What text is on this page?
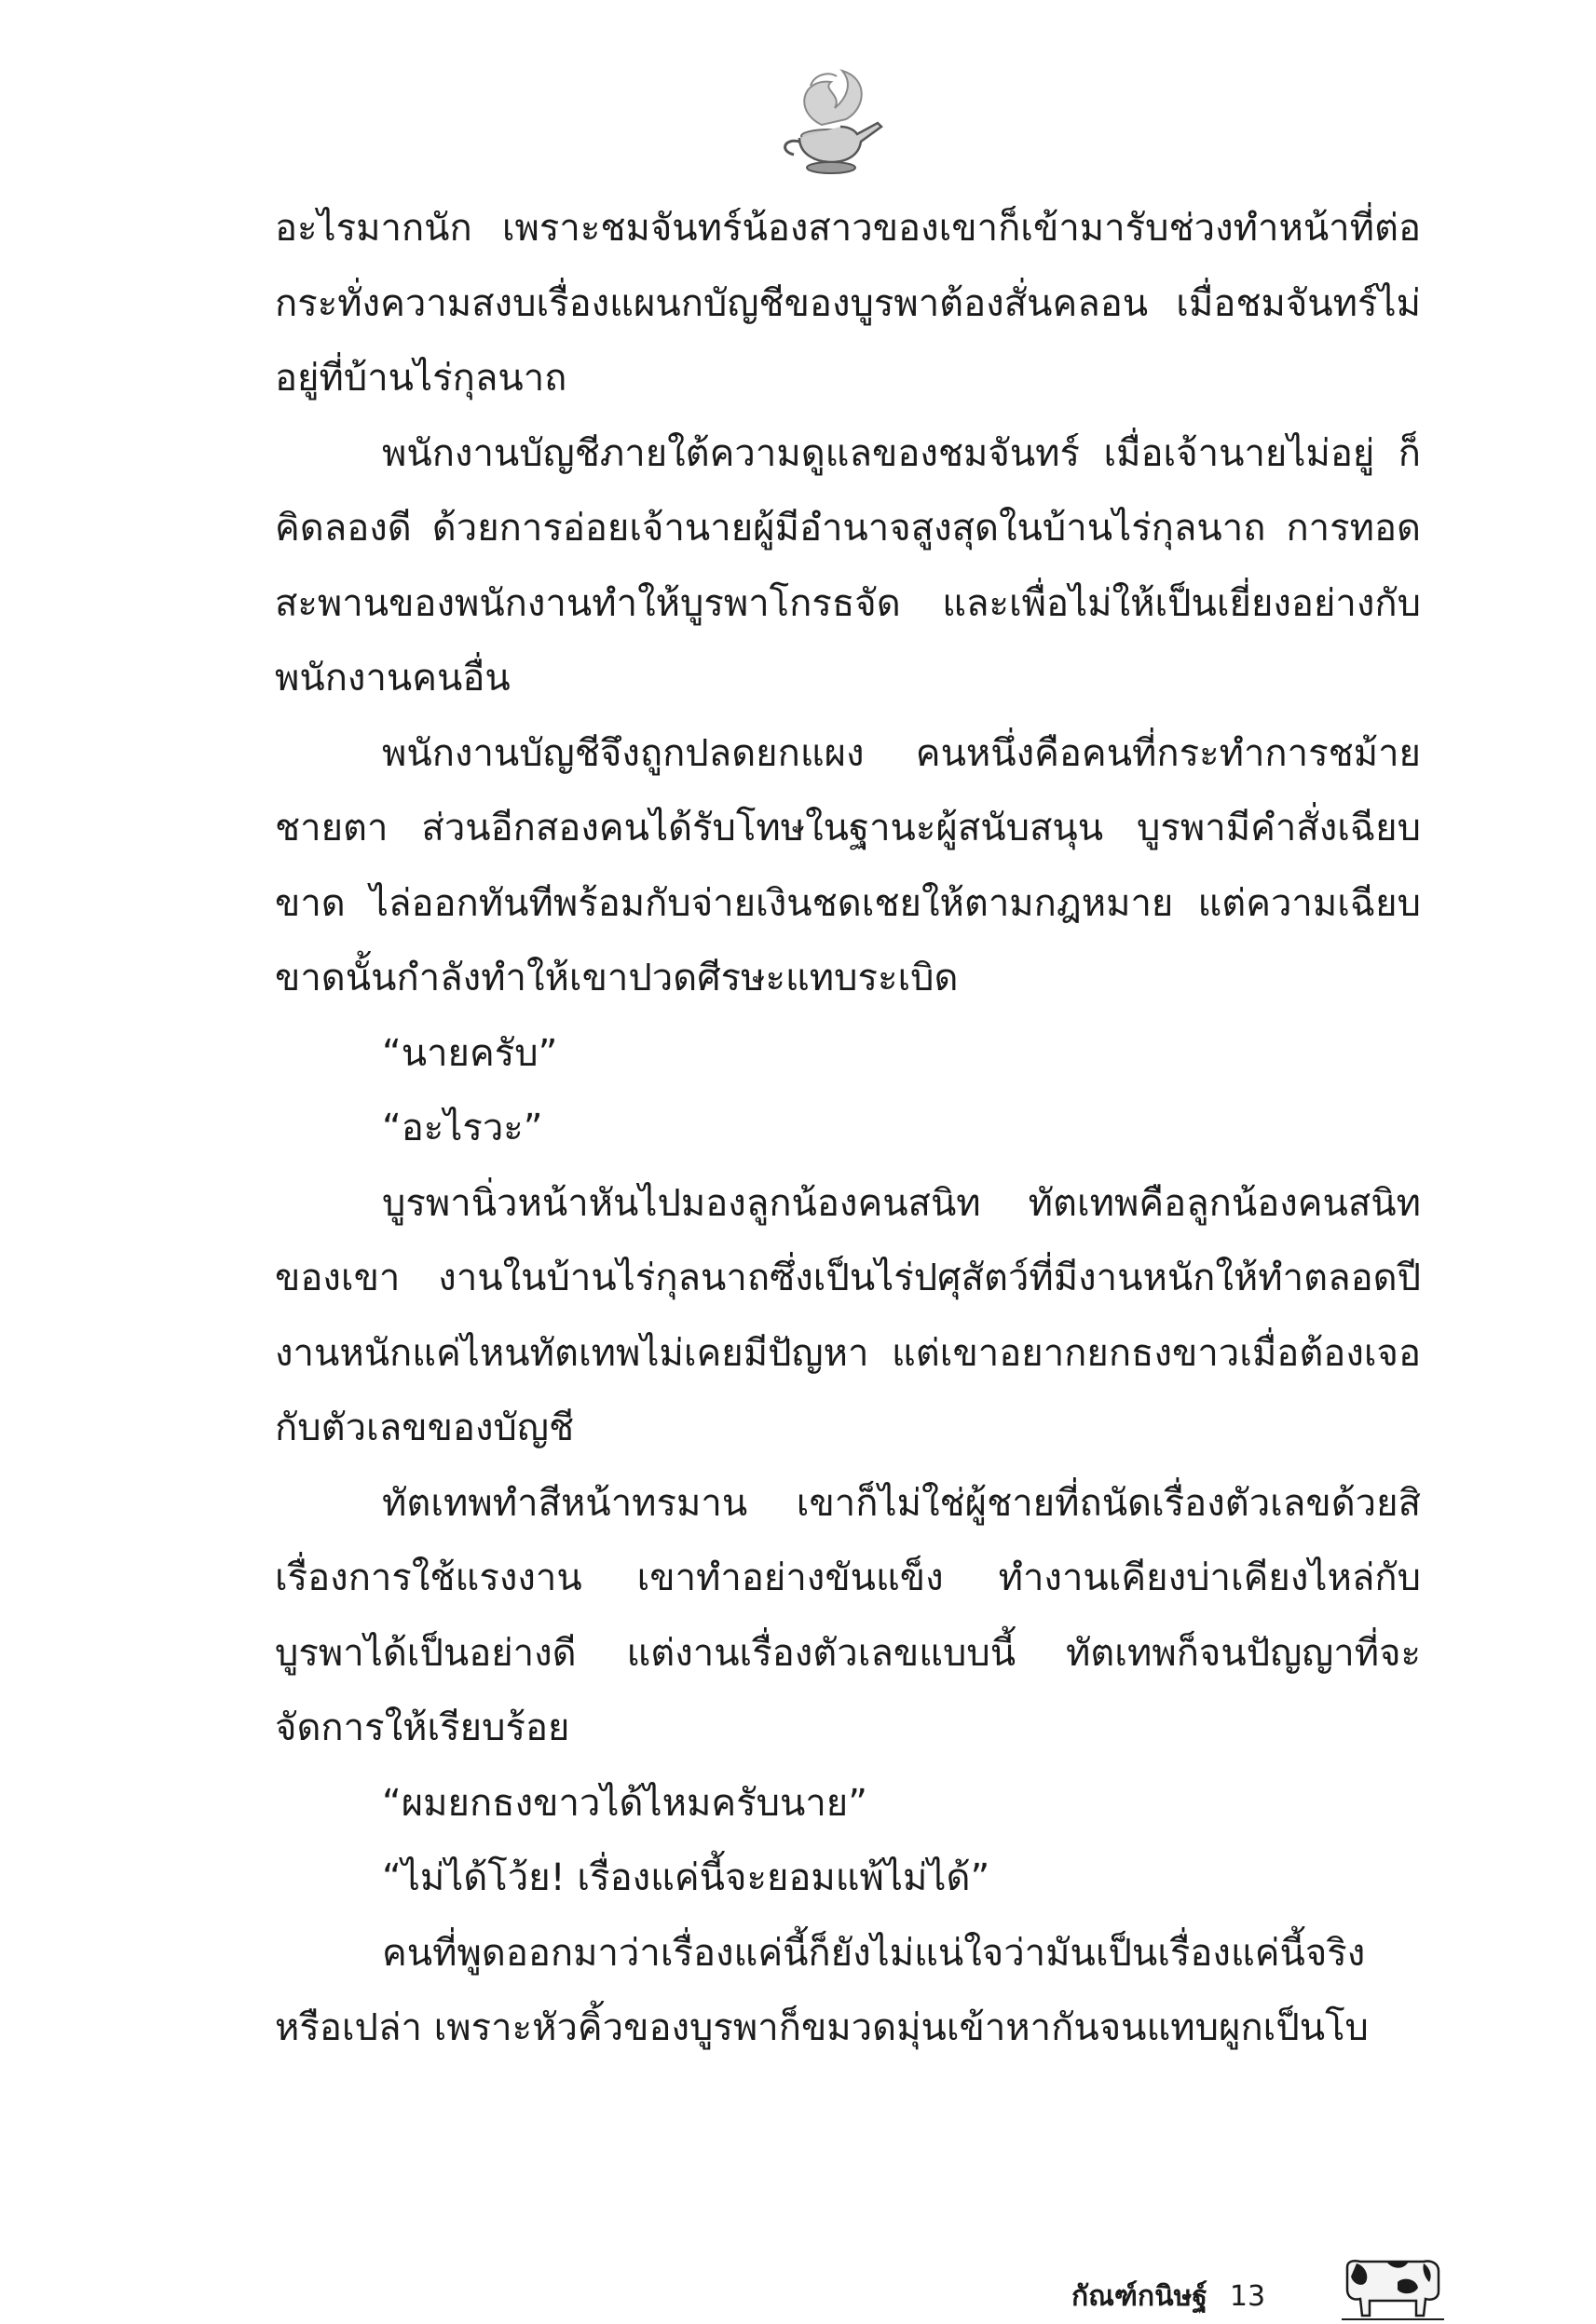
อะไรมากนัก เพราะชมจันทร์น้องสาวของเขาก็เข้ามารับช่วงทำหน้าที่ต่อ กระทั่งความสงบเรื่องแผนกบัญชีของบูรพาต้องสั่นคลอน เมื่อชมจันทร์ไม่อยู่ที่บ้านไร่กุลนาถ

พนักงานบัญชีภายใต้ความดูแลของชมจันทร์ เมื่อเจ้านายไม่อยู่ ก็คิดลองดี ด้วยการอ่อยเจ้านายผู้มีอำนาจสูงสุดในบ้านไร่กุลนาถ การทอดสะพานของพนักงานทำให้บูรพาโกรธจัด และเพื่อไม่ให้เป็นเยี่ยงอย่างกับพนักงานคนอื่น

พนักงานบัญชีจึงถูกปลดยกแผง คนหนึ่งคือคนที่กระทำการชม้ายชายตา ส่วนอีกสองคนได้รับโทษในฐานะผู้สนับสนุน บูรพามีคำสั่งเฉียบขาด ไล่ออกทันทีพร้อมกับจ่ายเงินชดเชยให้ตามกฎหมาย แต่ความเฉียบขาดนั้นกำลังทำให้เขาปวดศีรษะแทบระเบิด

“นายครับ”

“อะไรวะ”

บูรพานิ่วหน้าหันไปมองลูกน้องคนสนิท ทัตเทพคือลูกน้องคนสนิทของเขา งานในบ้านไร่กุลนาถซึ่งเป็นไร่ปศุสัตว์ที่มีงานหนักให้ทำตลอดปี งานหนักแค่ไหนทัตเทพไม่เคยมีปัญหา แต่เขาอยากยกธงขาวเมื่อต้องเจอกับตัวเลขของบัญชี

ทัตเทพทำสีหน้าทรมาน เขาก็ไม่ใช่ผู้ชายที่ถนัดเรื่องตัวเลขด้วยสิ เรื่องการใช้แรงงาน เขาทำอย่างขันแข็ง ทำงานเคียงบ่าเคียงไหล่กับบูรพาได้เป็นอย่างดี แต่งานเรื่องตัวเลขแบบนี้ ทัตเทพก็จนปัญญาที่จะจัดการให้เรียบร้อย

“ผมยกธงขาวได้ไหมครับนาย”

“ไม่ได้โว้ย! เรื่องแค่นี้จะยอมแพ้ไม่ได้”

คนที่พูดออกมาว่าเรื่องแค่นี้ก็ยังไม่แน่ใจว่ามันเป็นเรื่องแค่นี้จริงหรือเปล่า เพราะหัวคิ้วของบูรพาก็ขมวดมุ่นเข้าหากันจนแทบผูกเป็นโบ

กัณฑ์กนิษฐ์ 13
